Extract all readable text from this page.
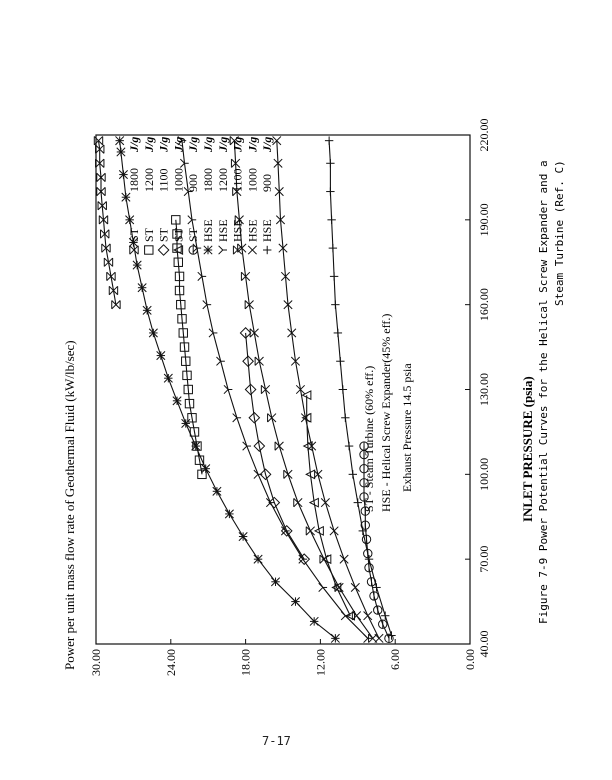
40.00
70.00
100.00
130.00
160.00
190.00
220.00
0.00
6.00
12.00
18.00
24.00
30.00
Power per unit mass flow rate of Geothermal Fluid (kW/lb/sec)	INLET PRESSURE (psia)
ST - Steam Turbine (60% eff.) HSE - Helical Screw Expander(45% eff.) Exhaust Pressure 14.5 psia	Figure 7-9 Power Potential Curves for the Helical Screw Expander and a Steam Turbine (Ref. C)
ST
1800
J/g
ST
1200
J/g
ST
1100
J/g
ST
1000
J/g
ST
900
J/g
HSE
1800
J/g
HSE
1200
J/g
HSE
1100
J/g
HSE
1000
J/g
HSE
900
J/g
7-17
